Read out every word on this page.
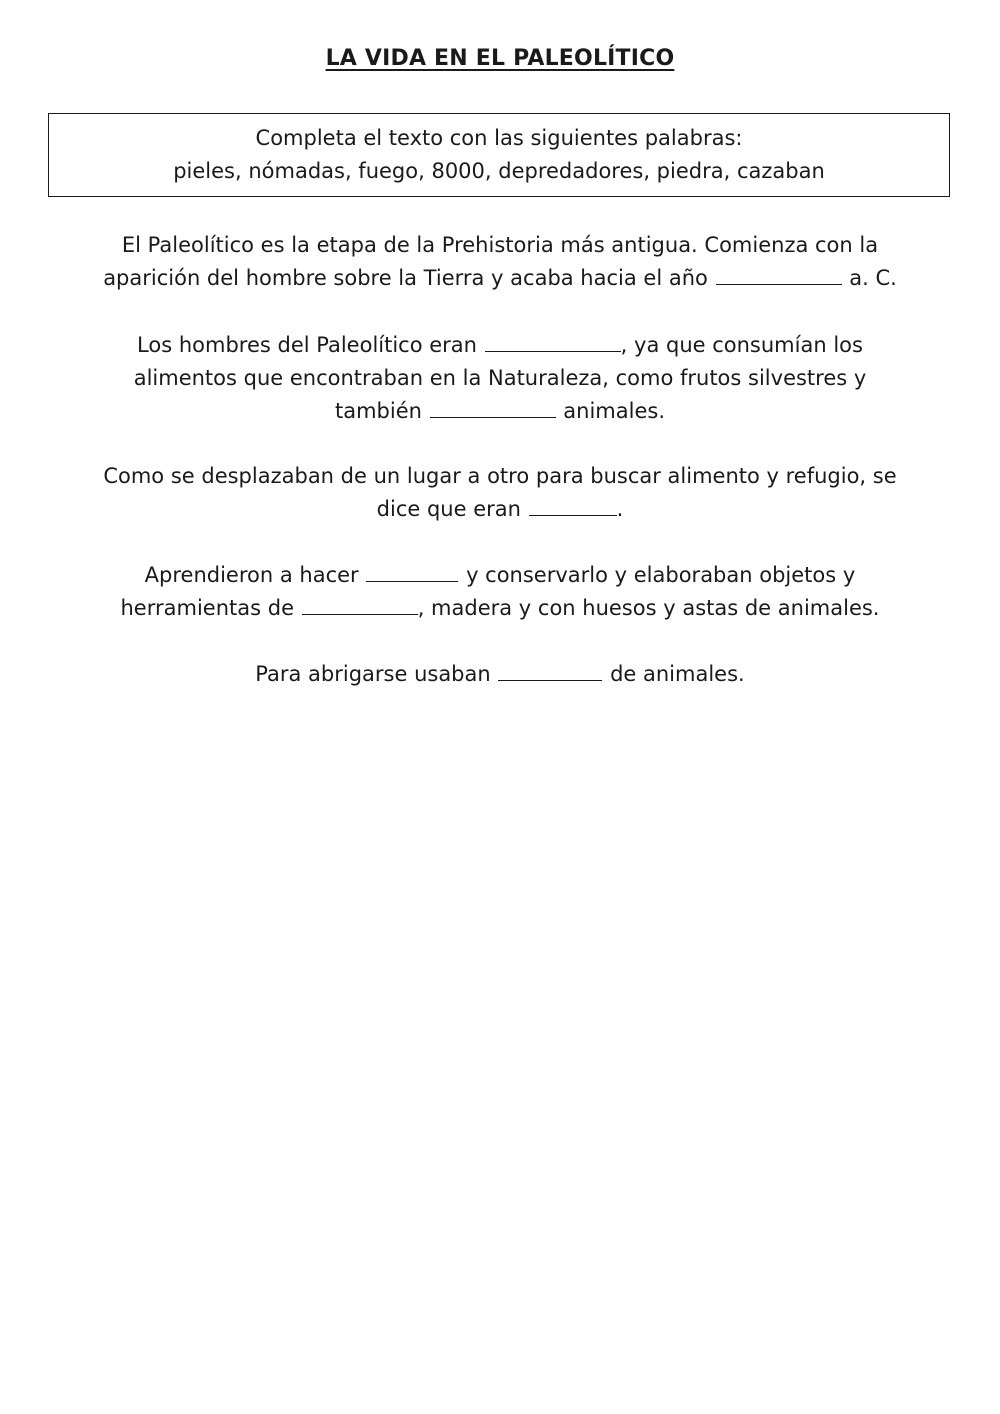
LA VIDA EN EL PALEOLÍTICO
Completa el texto con las siguientes palabras:
pieles, nómadas, fuego, 8000, depredadores, piedra, cazaban
El Paleolítico es la etapa de la Prehistoria más antigua. Comienza con la
aparición del hombre sobre la Tierra y acaba hacia el año	a. C.
Los hombres del Paleolítico eran	, ya que consumían los
alimentos que encontraban en la Naturaleza, como frutos silvestres y
también	animales.
Como se desplazaban de un lugar a otro para buscar alimento y refugio, se
dice que eran	.
Aprendieron a hacer	y conservarlo y elaboraban objetos y
herramientas de	, madera y con huesos y astas de animales.
Para abrigarse usaban	de animales.
